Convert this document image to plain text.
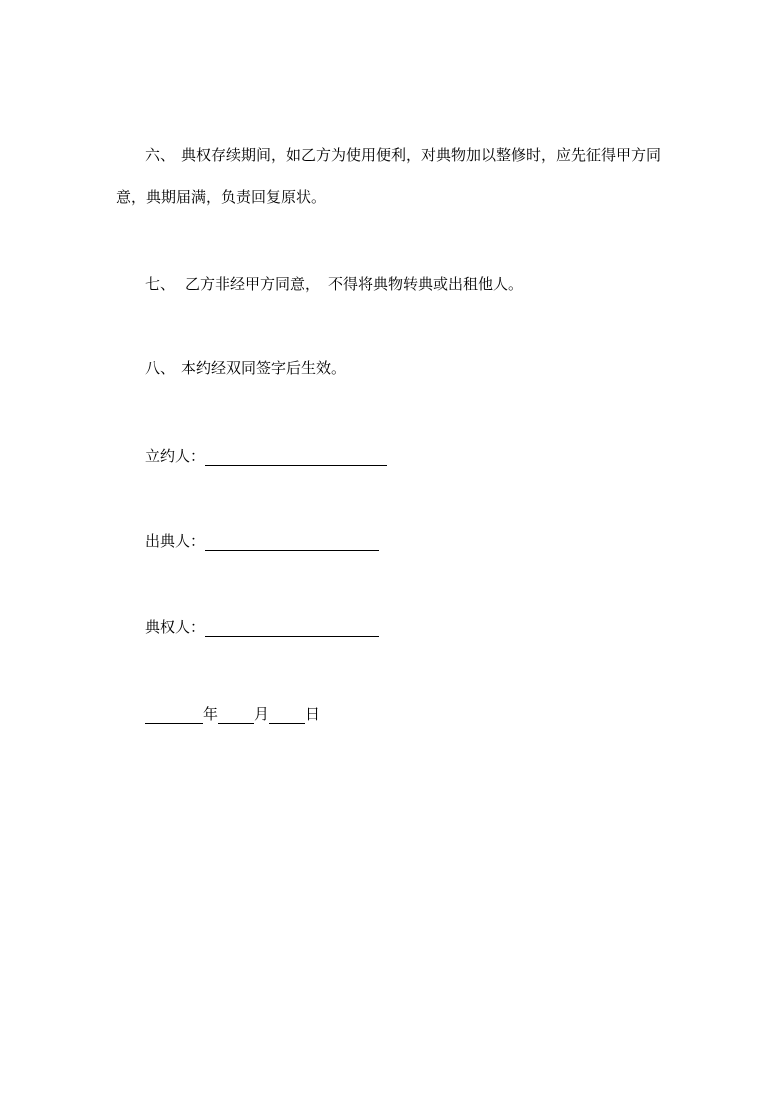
六、 典权存续期间，如乙方为使用便利，对典物加以整修时，应先征得甲方同
意，典期届满，负责回复原状。
七、 乙方非经甲方同意， 不得将典物转典或出租他人。
八、 本约经双同签字后生效。
立约人：
出典人：
典权人：
年 月 日
